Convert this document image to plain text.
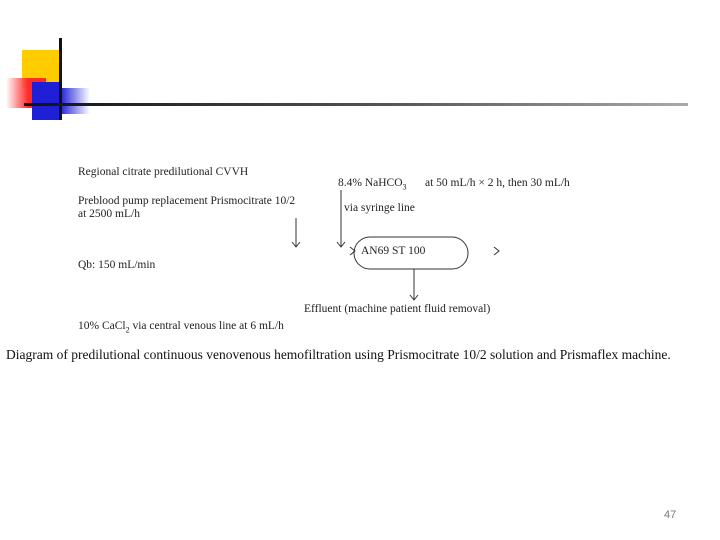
Regional citrate predilutional CVVH
Preblood pump replacement Prismocitrate 10/2
at 2500 mL/h
Qb: 150 mL/min
8.4% NaHCO$_3$ at 50 mL/h × 2 h, then 30 mL/h
via syringe line
AN69 ST 100
Effluent (machine patient fluid removal)
10% CaCl$_2$ via central venous line at 6 mL/h
Diagram of predilutional continuous venovenous hemofiltration using Prismocitrate 10/2 solution and Prismaflex machine.
47
